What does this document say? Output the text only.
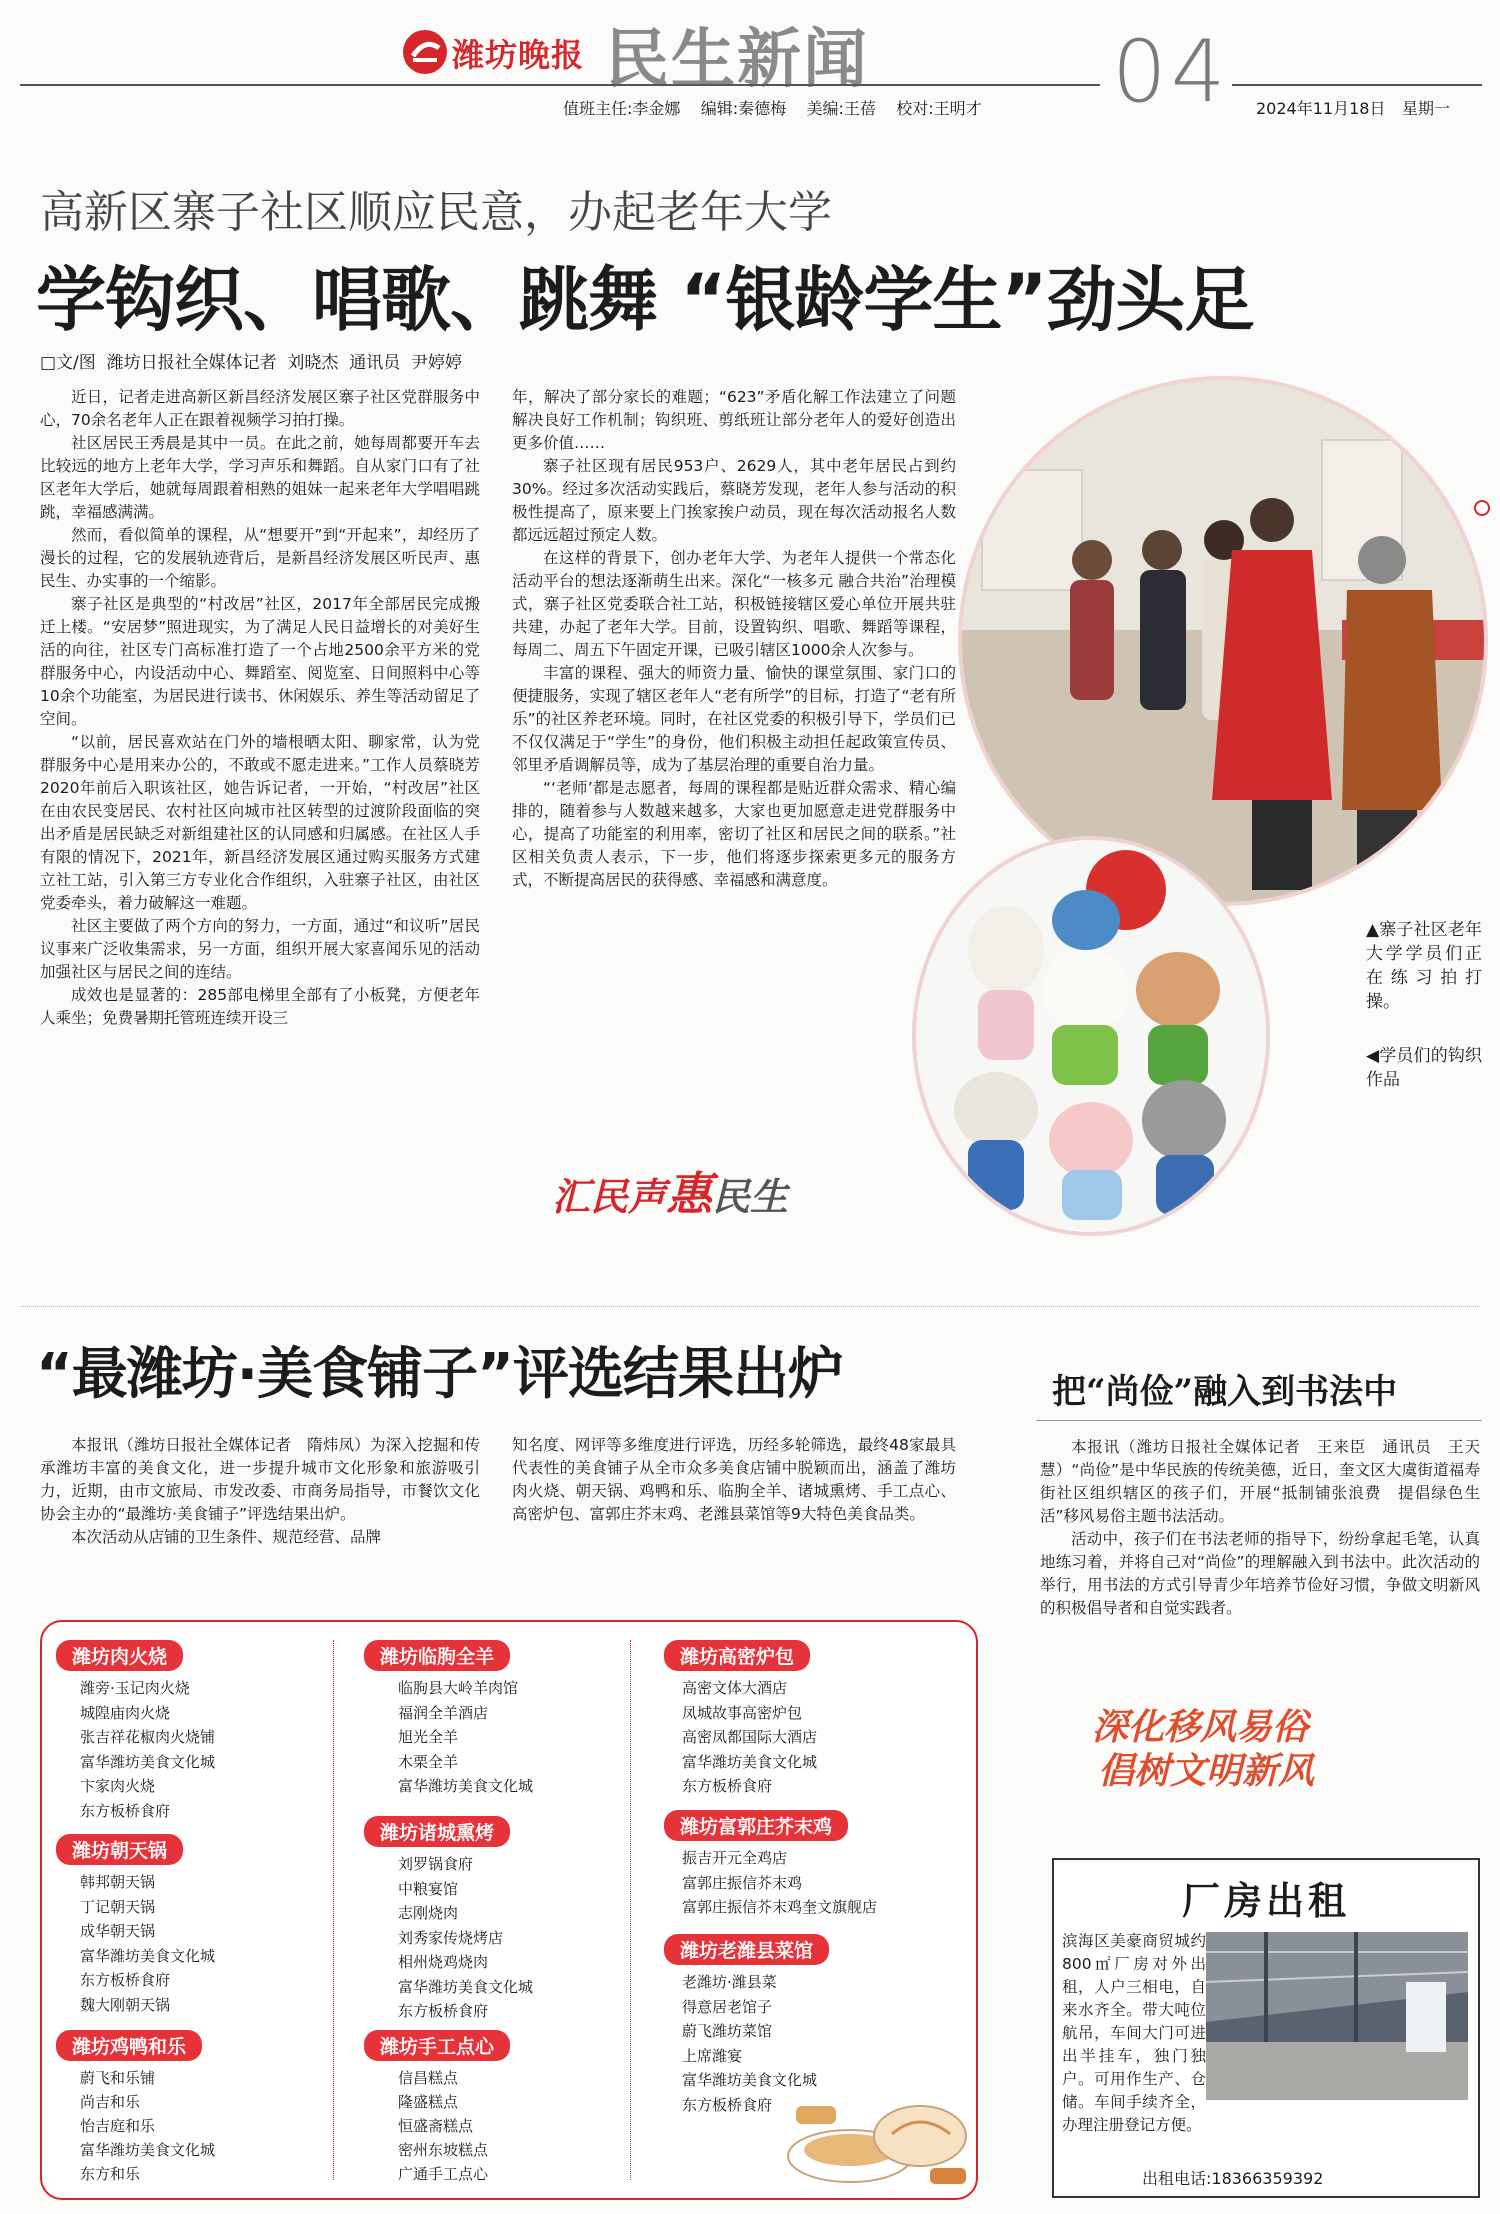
潍坊晚报 民生新闻	04
值班主任:李金娜    编辑:秦德梅    美编:王蓓    校对:王明才	2024年11月18日 星期一
高新区寨子社区顺应民意，办起老年大学
学钩织、唱歌、跳舞 “银龄学生”劲头足
□文/图  潍坊日报社全媒体记者  刘晓杰  通讯员  尹婷婷

近日，记者走进高新区新昌经济发展区寨子社区党群服务中心，70余名老年人正在跟着视频学习拍打操。

社区居民王秀晨是其中一员。在此之前，她每周都要开车去比较远的地方上老年大学，学习声乐和舞蹈。自从家门口有了社区老年大学后，她就每周跟着相熟的姐妹一起来老年大学唱唱跳跳，幸福感满满。

然而，看似简单的课程，从“想要开”到“开起来”，却经历了漫长的过程，它的发展轨迹背后，是新昌经济发展区听民声、惠民生、办实事的一个缩影。

寨子社区是典型的“村改居”社区，2017年全部居民完成搬迁上楼。“安居梦”照进现实，为了满足人民日益增长的对美好生活的向往，社区专门高标准打造了一个占地2500余平方米的党群服务中心，内设活动中心、舞蹈室、阅览室、日间照料中心等10余个功能室，为居民进行读书、休闲娱乐、养生等活动留足了空间。

“以前，居民喜欢站在门外的墙根晒太阳、聊家常，认为党群服务中心是用来办公的，不敢或不愿走进来。”工作人员蔡晓芳2020年前后入职该社区，她告诉记者，一开始，“村改居”社区在由农民变居民、农村社区向城市社区转型的过渡阶段面临的突出矛盾是居民缺乏对新组建社区的认同感和归属感。在社区人手有限的情况下，2021年，新昌经济发展区通过购买服务方式建立社工站，引入第三方专业化合作组织，入驻寨子社区，由社区党委牵头，着力破解这一难题。

社区主要做了两个方向的努力，一方面，通过“和议听”居民议事来广泛收集需求，另一方面，组织开展大家喜闻乐见的活动加强社区与居民之间的连结。

成效也是显著的：285部电梯里全部有了小板凳，方便老年人乘坐；免费暑期托管班连续开设三

年，解决了部分家长的难题；“623”矛盾化解工作法建立了问题解决良好工作机制；钩织班、剪纸班让部分老年人的爱好创造出更多价值……

寨子社区现有居民953户、2629人，其中老年居民占到约30%。经过多次活动实践后，蔡晓芳发现，老年人参与活动的积极性提高了，原来要上门挨家挨户动员，现在每次活动报名人数都远远超过预定人数。

在这样的背景下，创办老年大学、为老年人提供一个常态化活动平台的想法逐渐萌生出来。深化“一核多元 融合共治”治理模式，寨子社区党委联合社工站，积极链接辖区爱心单位开展共驻共建，办起了老年大学。目前，设置钩织、唱歌、舞蹈等课程，每周二、周五下午固定开课，已吸引辖区1000余人次参与。

丰富的课程、强大的师资力量、愉快的课堂氛围、家门口的便捷服务，实现了辖区老年人“老有所学”的目标，打造了“老有所乐”的社区养老环境。同时，在社区党委的积极引导下，学员们已不仅仅满足于“学生”的身份，他们积极主动担任起政策宣传员、邻里矛盾调解员等，成为了基层治理的重要自治力量。

“‘老师’都是志愿者，每周的课程都是贴近群众需求、精心编排的，随着参与人数越来越多，大家也更加愿意走进党群服务中心，提高了功能室的利用率，密切了社区和居民之间的联系。”社区相关负责人表示，下一步，他们将逐步探索更多元的服务方式，不断提高居民的获得感、幸福感和满意度。

汇民声惠民生
▲寨子社区老年大学学员们正在练习拍打操。
◀学员们的钩织作品
“最潍坊·美食铺子”评选结果出炉

本报讯（潍坊日报社全媒体记者　隋炜凤）为深入挖掘和传承潍坊丰富的美食文化，进一步提升城市文化形象和旅游吸引力，近期，由市文旅局、市发改委、市商务局指导，市餐饮文化协会主办的“最潍坊·美食铺子”评选结果出炉。

本次活动从店铺的卫生条件、规范经营、品牌

知名度、网评等多维度进行评选，历经多轮筛选，最终48家最具代表性的美食铺子从全市众多美食店铺中脱颖而出，涵盖了潍坊肉火烧、朝天锅、鸡鸭和乐、临朐全羊、诸城熏烤、手工点心、高密炉包、富郭庄芥末鸡、老潍县菜馆等9大特色美食品类。

潍坊肉火烧
潍旁·玉记肉火烧
城隍庙肉火烧
张吉祥花椒肉火烧铺
富华潍坊美食文化城
卞家肉火烧
东方板桥食府
潍坊朝天锅
韩邦朝天锅
丁记朝天锅
成华朝天锅
富华潍坊美食文化城
东方板桥食府
魏大刚朝天锅
潍坊鸡鸭和乐
蔚飞和乐铺
尚吉和乐
怡吉庭和乐
富华潍坊美食文化城
东方和乐
潍坊临朐全羊
临朐县大岭羊肉馆
福润全羊酒店
旭光全羊
木栗全羊
富华潍坊美食文化城
潍坊诸城熏烤
刘罗锅食府
中粮宴馆
志刚烧肉
刘秀家传烧烤店
相州烧鸡烧肉
富华潍坊美食文化城
东方板桥食府
潍坊手工点心
信昌糕点
隆盛糕点
恒盛斋糕点
密州东坡糕点
广通手工点心
潍坊高密炉包
高密文体大酒店
凤城故事高密炉包
高密凤都国际大酒店
富华潍坊美食文化城
东方板桥食府
潍坊富郭庄芥末鸡
振吉开元全鸡店
富郭庄振信芥末鸡
富郭庄振信芥末鸡奎文旗舰店
潍坊老潍县菜馆
老潍坊·潍县菜
得意居老馆子
蔚飞潍坊菜馆
上席潍宴
富华潍坊美食文化城
东方板桥食府
把“尚俭”融入到书法中

本报讯（潍坊日报社全媒体记者　王来臣　通讯员　王天慧）“尚俭”是中华民族的传统美德，近日，奎文区大虞街道福寿街社区组织辖区的孩子们，开展“抵制铺张浪费　提倡绿色生活”移风易俗主题书法活动。

活动中，孩子们在书法老师的指导下，纷纷拿起毛笔，认真地练习着，并将自己对“尚俭”的理解融入到书法中。此次活动的举行，用书法的方式引导青少年培养节俭好习惯，争做文明新风的积极倡导者和自觉实践者。

深化移风易俗
倡树文明新风
厂房出租
滨海区美豪商贸城约800㎡厂房对外出租，人户三相电，自来水齐全。带大吨位航吊，车间大门可进出半挂车，独门独户。可用作生产、仓储。车间手续齐全，办理注册登记方便。
出租电话:18366359392
